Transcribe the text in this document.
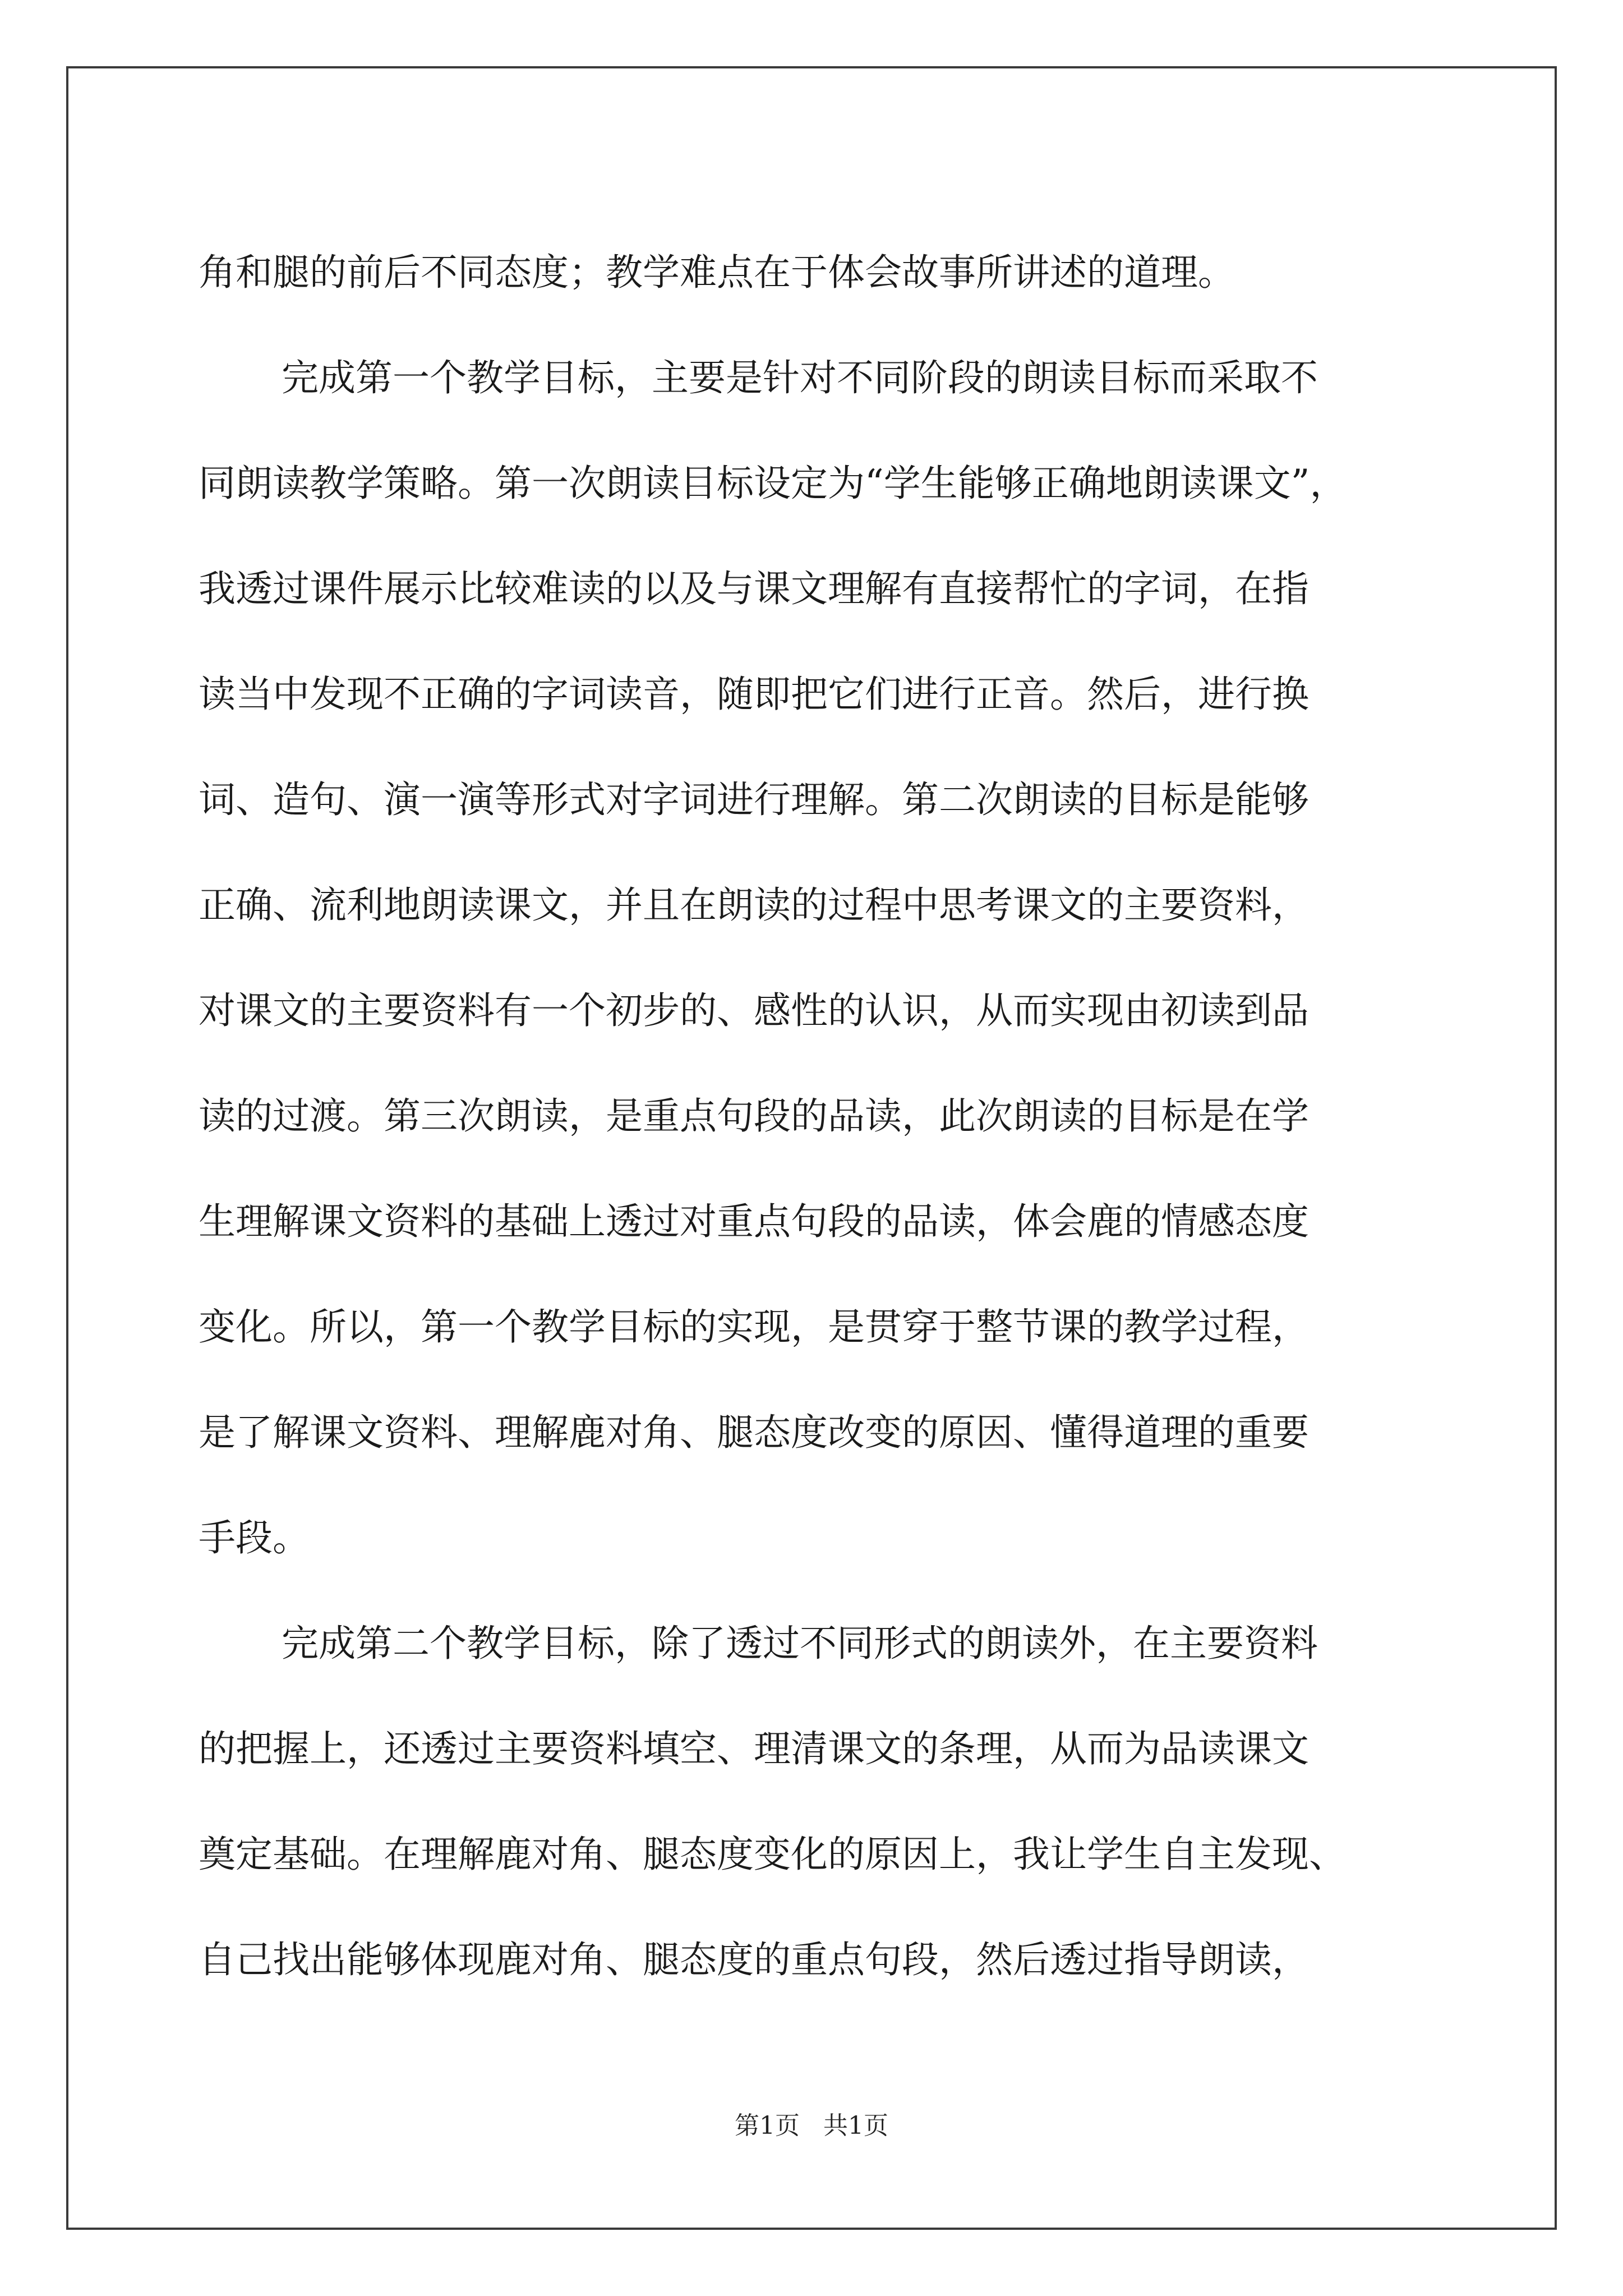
角和腿的前后不同态度；教学难点在于体会故事所讲述的道理。
完成第一个教学目标，主要是针对不同阶段的朗读目标而采取不
同朗读教学策略。第一次朗读目标设定为“学生能够正确地朗读课文”，
我透过课件展示比较难读的以及与课文理解有直接帮忙的字词，在指
读当中发现不正确的字词读音，随即把它们进行正音。然后，进行换
词、造句、演一演等形式对字词进行理解。第二次朗读的目标是能够
正确、流利地朗读课文，并且在朗读的过程中思考课文的主要资料，
对课文的主要资料有一个初步的、感性的认识，从而实现由初读到品
读的过渡。第三次朗读，是重点句段的品读，此次朗读的目标是在学
生理解课文资料的基础上透过对重点句段的品读，体会鹿的情感态度
变化。所以，第一个教学目标的实现，是贯穿于整节课的教学过程，
是了解课文资料、理解鹿对角、腿态度改变的原因、懂得道理的重要
手段。
完成第二个教学目标，除了透过不同形式的朗读外，在主要资料
的把握上，还透过主要资料填空、理清课文的条理，从而为品读课文
奠定基础。在理解鹿对角、腿态度变化的原因上，我让学生自主发现、
自己找出能够体现鹿对角、腿态度的重点句段，然后透过指导朗读，
第1页   共1页
